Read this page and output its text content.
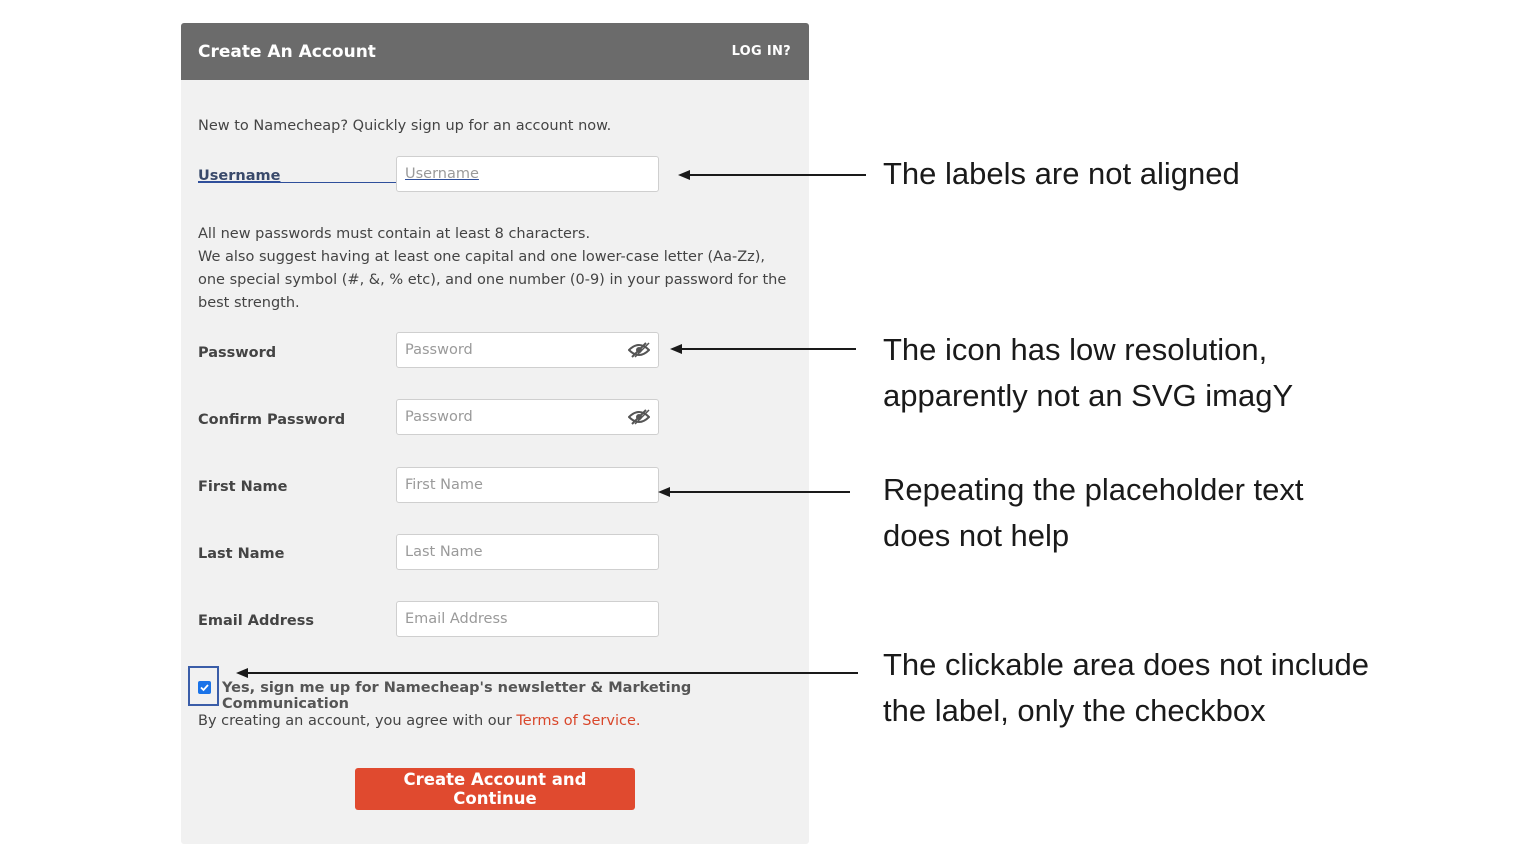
Create An Account	LOG IN?
New to Namecheap? Quickly sign up for an account now.
Username	Username
All new passwords must contain at least 8 characters.
We also suggest having at least one capital and one lower-case letter (Aa-Zz), one special symbol (#, &, % etc), and one number (0-9) in your password for the best strength.
Password	Password
Confirm Password	Password
First Name	First Name
Last Name	Last Name
Email Address	Email Address
Yes, sign me up for Namecheap's newsletter & Marketing Communication
By creating an account, you agree with our Terms of Service.
Create Account and Continue
The labels are not aligned
The icon has low resolution,
apparently not an SVG imagY
Repeating the placeholder text
does not help
The clickable area does not include
the label, only the checkbox
